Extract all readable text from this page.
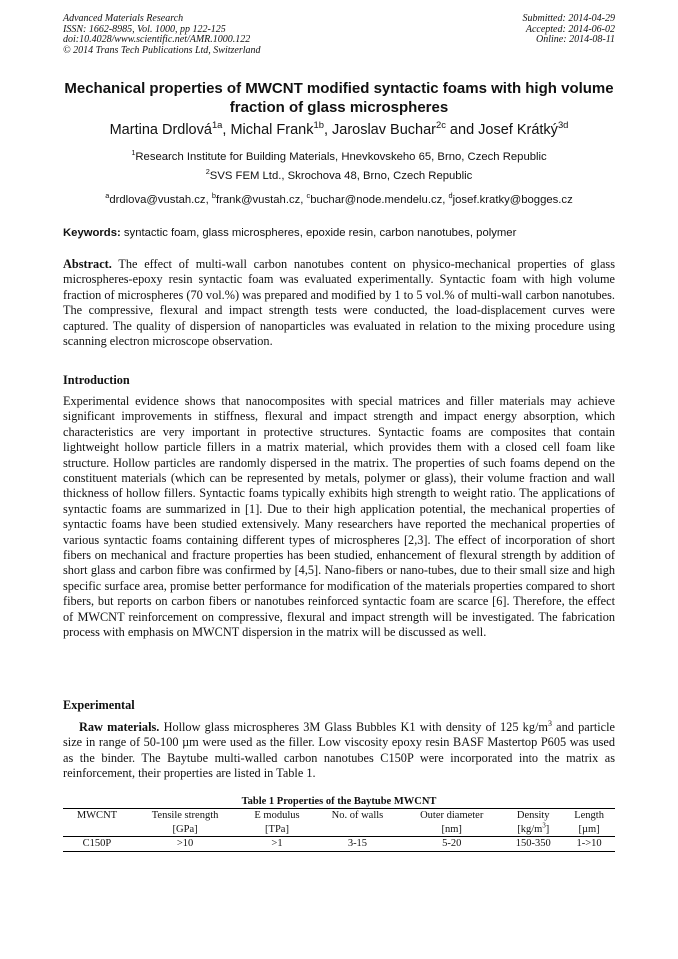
Advanced Materials Research
ISSN: 1662-8985, Vol. 1000, pp 122-125
doi:10.4028/www.scientific.net/AMR.1000.122
© 2014 Trans Tech Publications Ltd, Switzerland
Submitted: 2014-04-29
Accepted: 2014-06-02
Online: 2014-08-11
Mechanical properties of MWCNT modified syntactic foams with high volume fraction of glass microspheres
Martina Drdlová$^{1a}$, Michal Frank$^{1b}$, Jaroslav Buchar$^{2c}$ and Josef Krátký$^{3d}$
$^1$Research Institute for Building Materials, Hnevkovskeho 65, Brno, Czech Republic
$^2$SVS FEM Ltd., Skrochova 48, Brno, Czech Republic
$^a$drdlova@vustah.cz, $^b$frank@vustah.cz, $^c$buchar@node.mendelu.cz, $^d$josef.kratky@bogges.cz
Keywords: syntactic foam, glass microspheres, epoxide resin, carbon nanotubes, polymer
Abstract. The effect of multi-wall carbon nanotubes content on physico-mechanical properties of glass microspheres-epoxy resin syntactic foam was evaluated experimentally. Syntactic foam with high volume fraction of microspheres (70 vol.%) was prepared and modified by 1 to 5 vol.% of multi-wall carbon nanotubes. The compressive, flexural and impact strength tests were conducted, the load-displacement curves were captured. The quality of dispersion of nanoparticles was evaluated in relation to the mixing procedure using scanning electron microscope observation.
Introduction
Experimental evidence shows that nanocomposites with special matrices and filler materials may achieve significant improvements in stiffness, flexural and impact strength and impact energy absorption, which characteristics are very important in protective structures. Syntactic foams are composites that contain lightweight hollow particle fillers in a matrix material, which provides them with a closed cell foam like structure. Hollow particles are randomly dispersed in the matrix. The properties of such foams depend on the constituent materials (which can be represented by metals, polymer or glass), their volume fraction and wall thickness of hollow fillers. Syntactic foams typically exhibits high strength to weight ratio. The applications of syntactic foams are summarized in [1]. Due to their high application potential, the mechanical properties of syntactic foams have been studied extensively. Many researchers have reported the mechanical properties of various syntactic foams containing different types of microspheres [2,3]. The effect of incorporation of short fibers on mechanical and fracture properties has been studied, enhancement of flexural strength by addition of short glass and carbon fibre was confirmed by [4,5]. Nano-fibers or nano-tubes, due to their small size and high specific surface area, promise better performance for modification of the materials properties compared to short fibers, but reports on carbon fibers or nanotubes reinforced syntactic foam are scarce [6]. Therefore, the effect of MWCNT reinforcement on compressive, flexural and impact strength will be investigated. The fabrication process with emphasis on MWCNT dispersion in the matrix will be discussed as well.
Experimental
Raw materials. Hollow glass microspheres 3M Glass Bubbles K1 with density of 125 $kg/m^3$ and particle size in range of 50-100 µm were used as the filler. Low viscosity epoxy resin BASF Mastertop P605 was used as the binder. The Baytube multi-walled carbon nanotubes C150P were incorporated into the matrix as reinforcement, their properties are listed in Table 1.
Table 1 Properties of the Baytube MWCNT
MWCNT	Tensile strength	E modulus	No. of walls	Outer diameter	Density	Length
	[GPa]	[TPa]		[nm]	$[kg/m^3]$	[µm]
C150P	>10	>1	3-15	5-20	150-350	1->10
